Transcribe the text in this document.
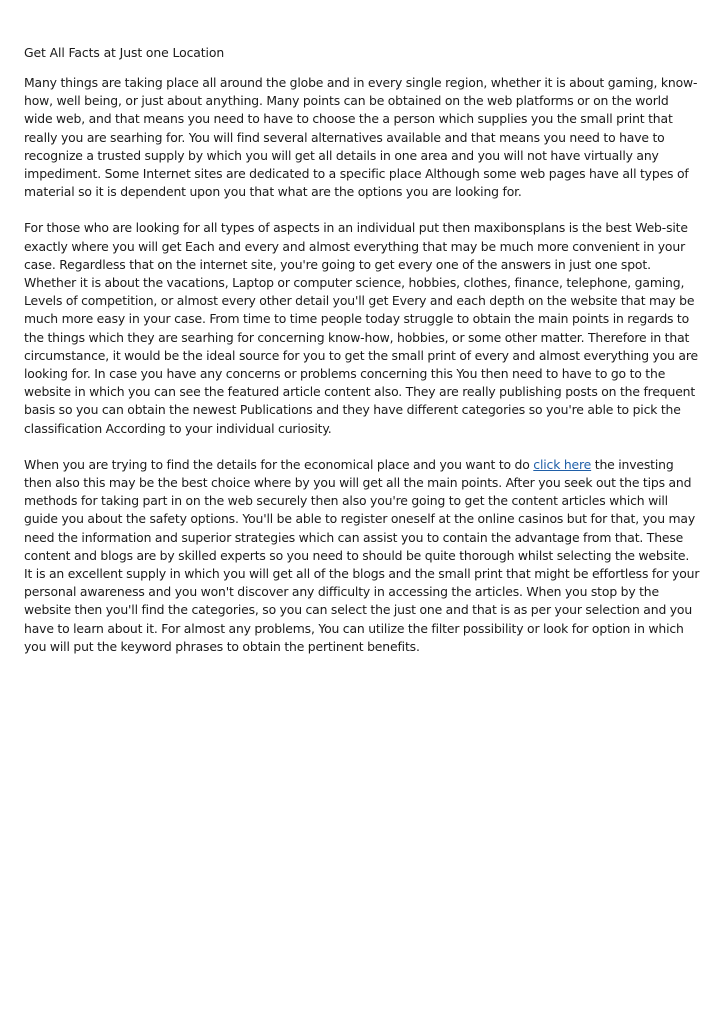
Get All Facts at Just one Location

Many things are taking place all around the globe and in every single region, whether it is about gaming, know-how, well being, or just about anything. Many points can be obtained on the web platforms or on the world wide web, and that means you need to have to choose the a person which supplies you the small print that really you are searhing for. You will find several alternatives available and that means you need to have to recognize a trusted supply by which you will get all details in one area and you will not have virtually any impediment. Some Internet sites are dedicated to a specific place Although some web pages have all types of material so it is dependent upon you that what are the options you are looking for.

For those who are looking for all types of aspects in an individual put then maxibonsplans is the best Web-site exactly where you will get Each and every and almost everything that may be much more convenient in your case. Regardless that on the internet site, you're going to get every one of the answers in just one spot. Whether it is about the vacations, Laptop or computer science, hobbies, clothes, finance, telephone, gaming, Levels of competition, or almost every other detail you'll get Every and each depth on the website that may be much more easy in your case. From time to time people today struggle to obtain the main points in regards to the things which they are searhing for concerning know-how, hobbies, or some other matter. Therefore in that circumstance, it would be the ideal source for you to get the small print of every and almost everything you are looking for. In case you have any concerns or problems concerning this You then need to have to go to the website in which you can see the featured article content also. They are really publishing posts on the frequent basis so you can obtain the newest Publications and they have different categories so you're able to pick the classification According to your individual curiosity.

When you are trying to find the details for the economical place and you want to do click here the investing then also this may be the best choice where by you will get all the main points. After you seek out the tips and methods for taking part in on the web securely then also you're going to get the content articles which will guide you about the safety options. You'll be able to register oneself at the online casinos but for that, you may need the information and superior strategies which can assist you to contain the advantage from that. These content and blogs are by skilled experts so you need to should be quite thorough whilst selecting the website. It is an excellent supply in which you will get all of the blogs and the small print that might be effortless for your personal awareness and you won't discover any difficulty in accessing the articles. When you stop by the website then you'll find the categories, so you can select the just one and that is as per your selection and you have to learn about it. For almost any problems, You can utilize the filter possibility or look for option in which you will put the keyword phrases to obtain the pertinent benefits.
